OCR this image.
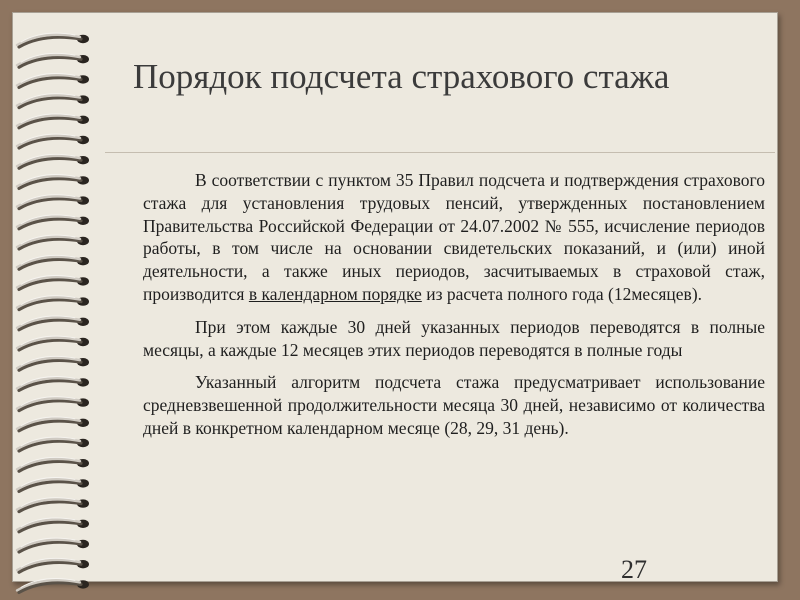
Порядок подсчета страхового стажа

В соответствии с пунктом 35 Правил подсчета и подтверждения страхового стажа для установления трудовых пенсий, утвержденных постановлением Правительства Российской Федерации от 24.07.2002 № 555, исчисление периодов работы, в том числе на основании свидетельских показаний, и (или) иной деятельности, а также иных периодов, засчитываемых в страховой стаж, производится в календарном порядке из расчета полного года (12месяцев).

При этом каждые 30 дней указанных периодов переводятся в полные месяцы, а каждые 12 месяцев этих периодов переводятся в полные годы

Указанный алгоритм подсчета стажа предусматривает использование средневзвешенной продолжительности месяца 30 дней, независимо от количества дней в конкретном календарном месяце (28, 29, 31 день).

27
